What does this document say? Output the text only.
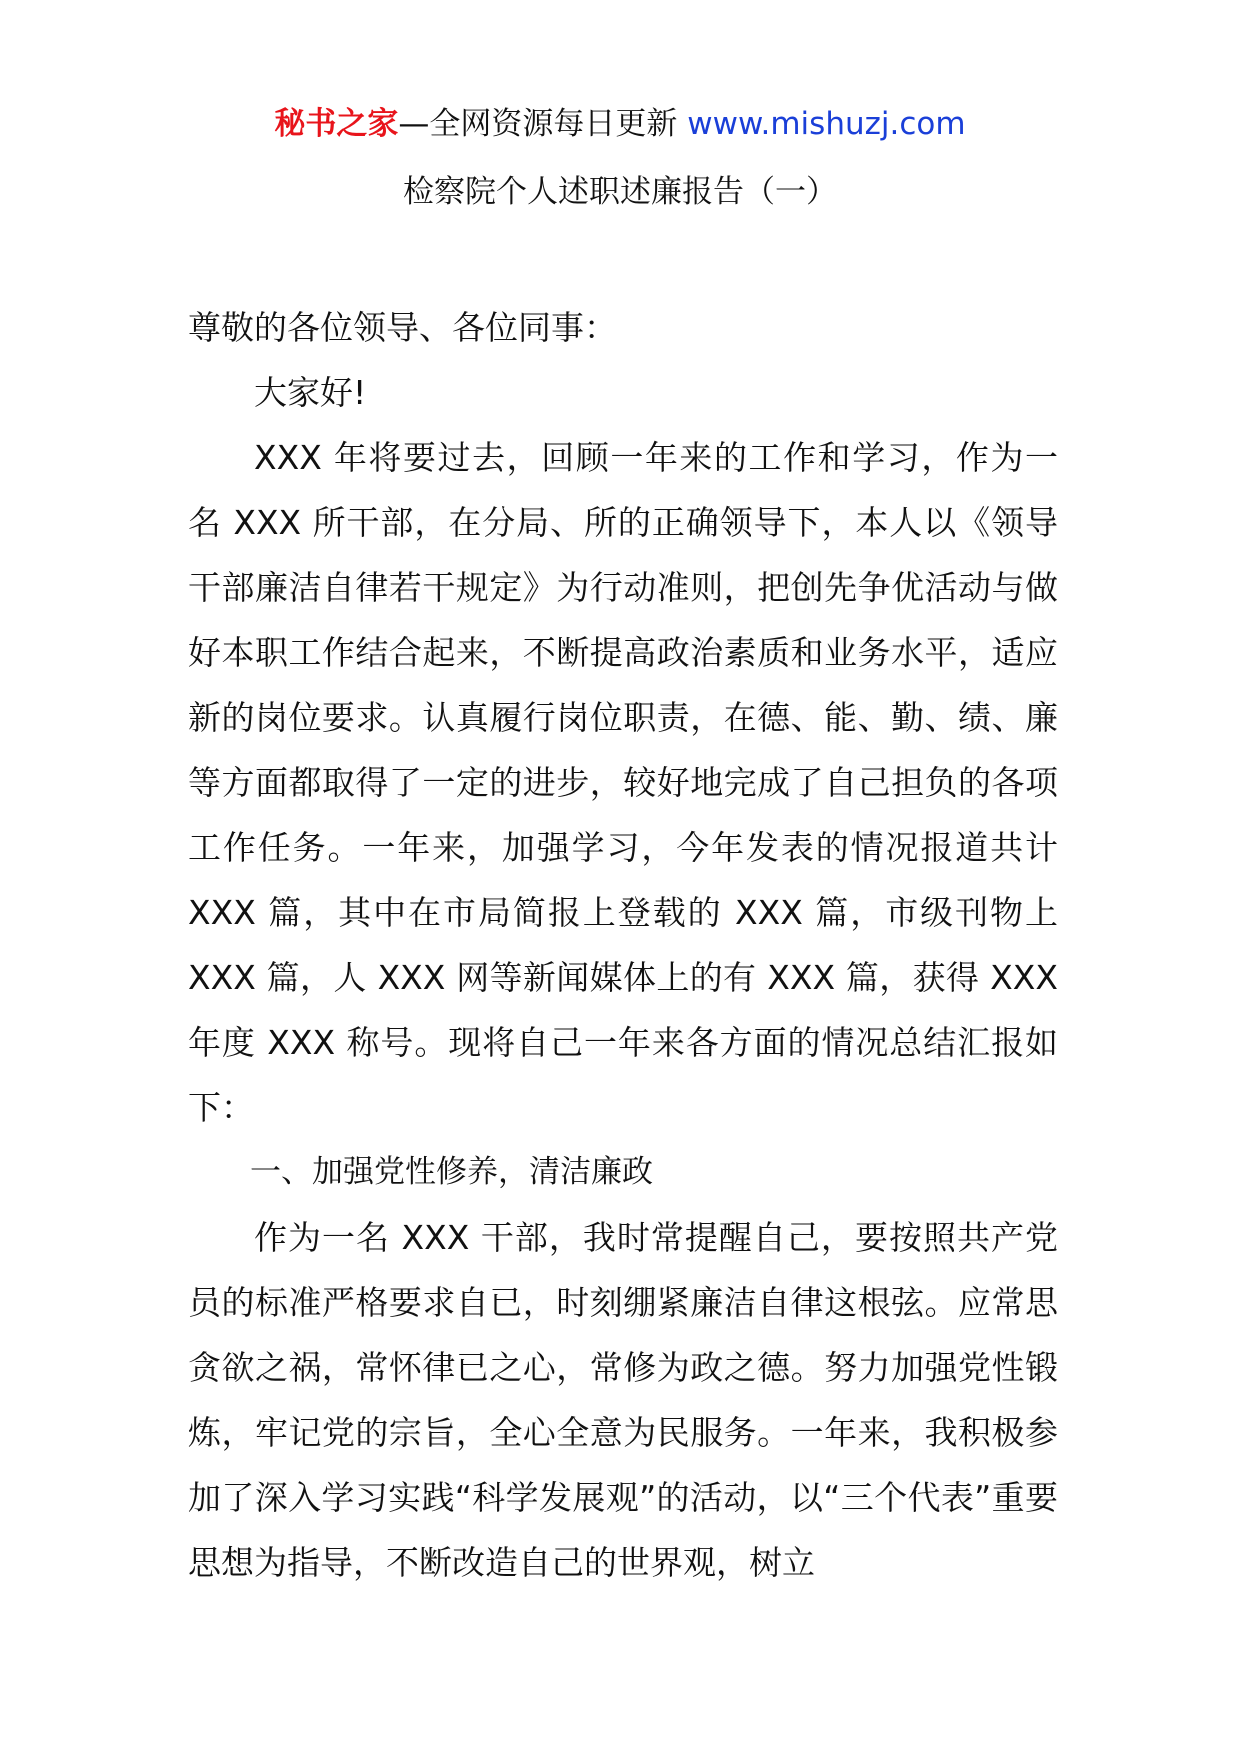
秘书之家—全网资源每日更新 www.mishuzj.com
检察院个人述职述廉报告（一）

尊敬的各位领导、各位同事：

大家好!

XXX 年将要过去，回顾一年来的工作和学习，作为一名 XXX 所干部，在分局、所的正确领导下，本人以《领导干部廉洁自律若干规定》为行动准则，把创先争优活动与做好本职工作结合起来，不断提高政治素质和业务水平，适应新的岗位要求。认真履行岗位职责，在德、能、勤、绩、廉等方面都取得了一定的进步，较好地完成了自己担负的各项工作任务。一年来，加强学习，今年发表的情况报道共计 XXX 篇，其中在市局简报上登载的 XXX 篇，市级刊物上 XXX 篇，人 XXX 网等新闻媒体上的有 XXX 篇，获得 XXX 年度 XXX 称号。现将自己一年来各方面的情况总结汇报如下：

一、加强党性修养，清洁廉政

作为一名 XXX 干部，我时常提醒自己，要按照共产党员的标准严格要求自已，时刻绷紧廉洁自律这根弦。应常思贪欲之祸，常怀律已之心，常修为政之德。努力加强党性锻炼，牢记党的宗旨，全心全意为民服务。一年来，我积极参加了深入学习实践“科学发展观”的活动，以“三个代表”重要思想为指导，不断改造自己的世界观，树立
